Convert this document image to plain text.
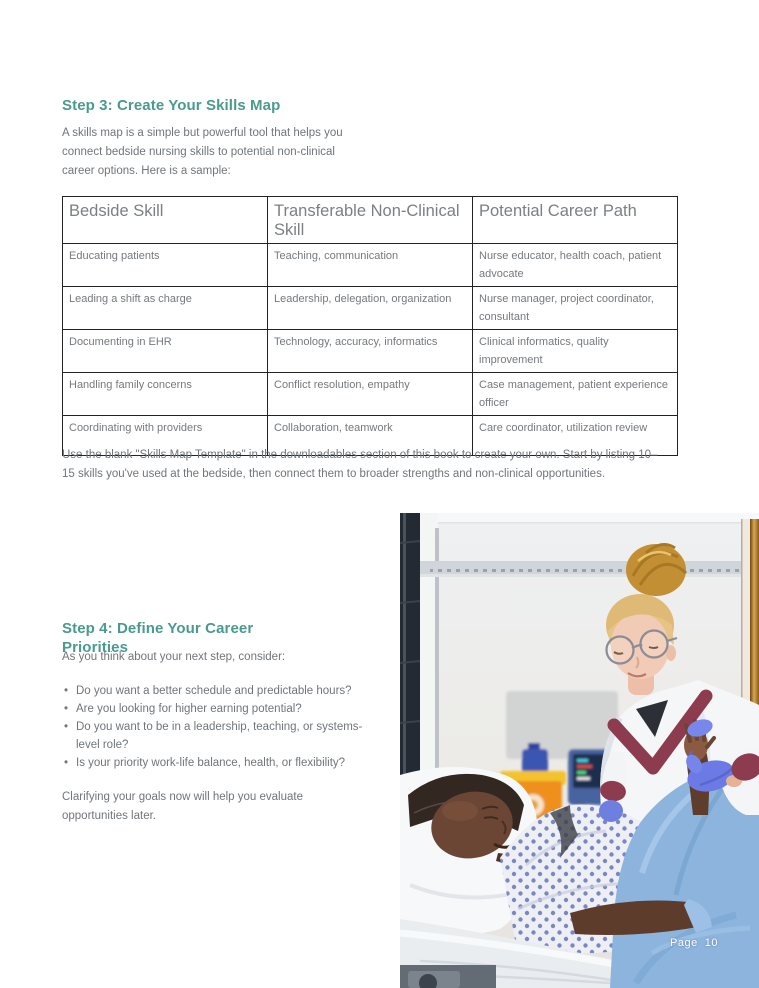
Step 3: Create Your Skills Map

A skills map is a simple but powerful tool that helps you connect bedside nursing skills to potential non-clinical career options. Here is a sample:

Bedside Skill	Transferable Non-Clinical Skill	Potential Career Path
Educating patients	Teaching, communication	Nurse educator, health coach, patient advocate
Leading a shift as charge	Leadership, delegation, organization	Nurse manager, project coordinator, consultant
Documenting in EHR	Technology, accuracy, informatics	Clinical informatics, quality improvement
Handling family concerns	Conflict resolution, empathy	Case management, patient experience officer
Coordinating with providers	Collaboration, teamwork	Care coordinator, utilization review

Use the blank "Skills Map Template" in the downloadables section of this book to create your own. Start by listing 10–15 skills you've used at the bedside, then connect them to broader strengths and non-clinical opportunities.

Step 4: Define Your Career Priorities

As you think about your next step, consider:

• Do you want a better schedule and predictable hours?
• Are you looking for higher earning potential?
• Do you want to be in a leadership, teaching, or systems-level role?
• Is your priority work-life balance, health, or flexibility?

Clarifying your goals now will help you evaluate opportunities later.

Page  10
